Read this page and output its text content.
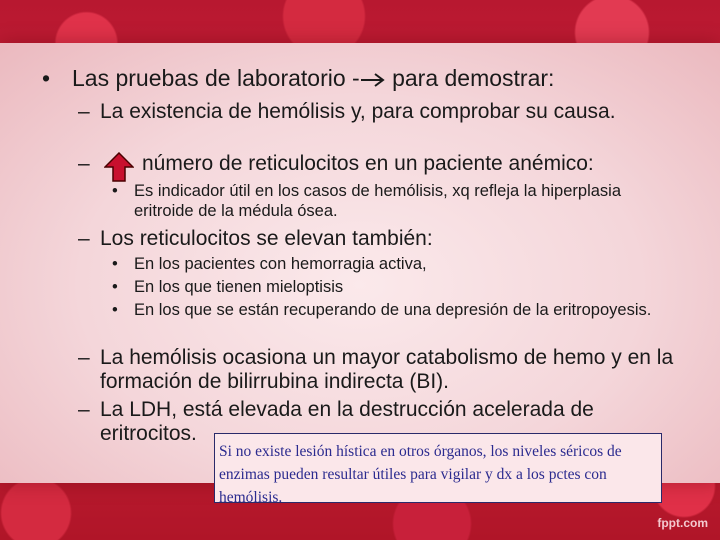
• Las pruebas de laboratorio - para demostrar:
– La existencia de hemólisis y, para comprobar su causa.
– número de reticulocitos en un paciente anémico:
• Es indicador útil en los casos de hemólisis, xq refleja la hiperplasia eritroide de la médula ósea.
– Los reticulocitos se elevan también:
• En los pacientes con hemorragia activa,
• En los que tienen mieloptisis
• En los que se están recuperando de una depresión de la eritropoyesis.
– La hemólisis ocasiona un mayor catabolismo de hemo y en la formación de bilirrubina indirecta (BI).
– La LDH, está elevada en la destrucción acelerada de eritrocitos.
Si no existe lesión hística en otros órganos, los niveles séricos de enzimas pueden resultar útiles para vigilar y dx a los pctes con hemólisis.
fppt.com
